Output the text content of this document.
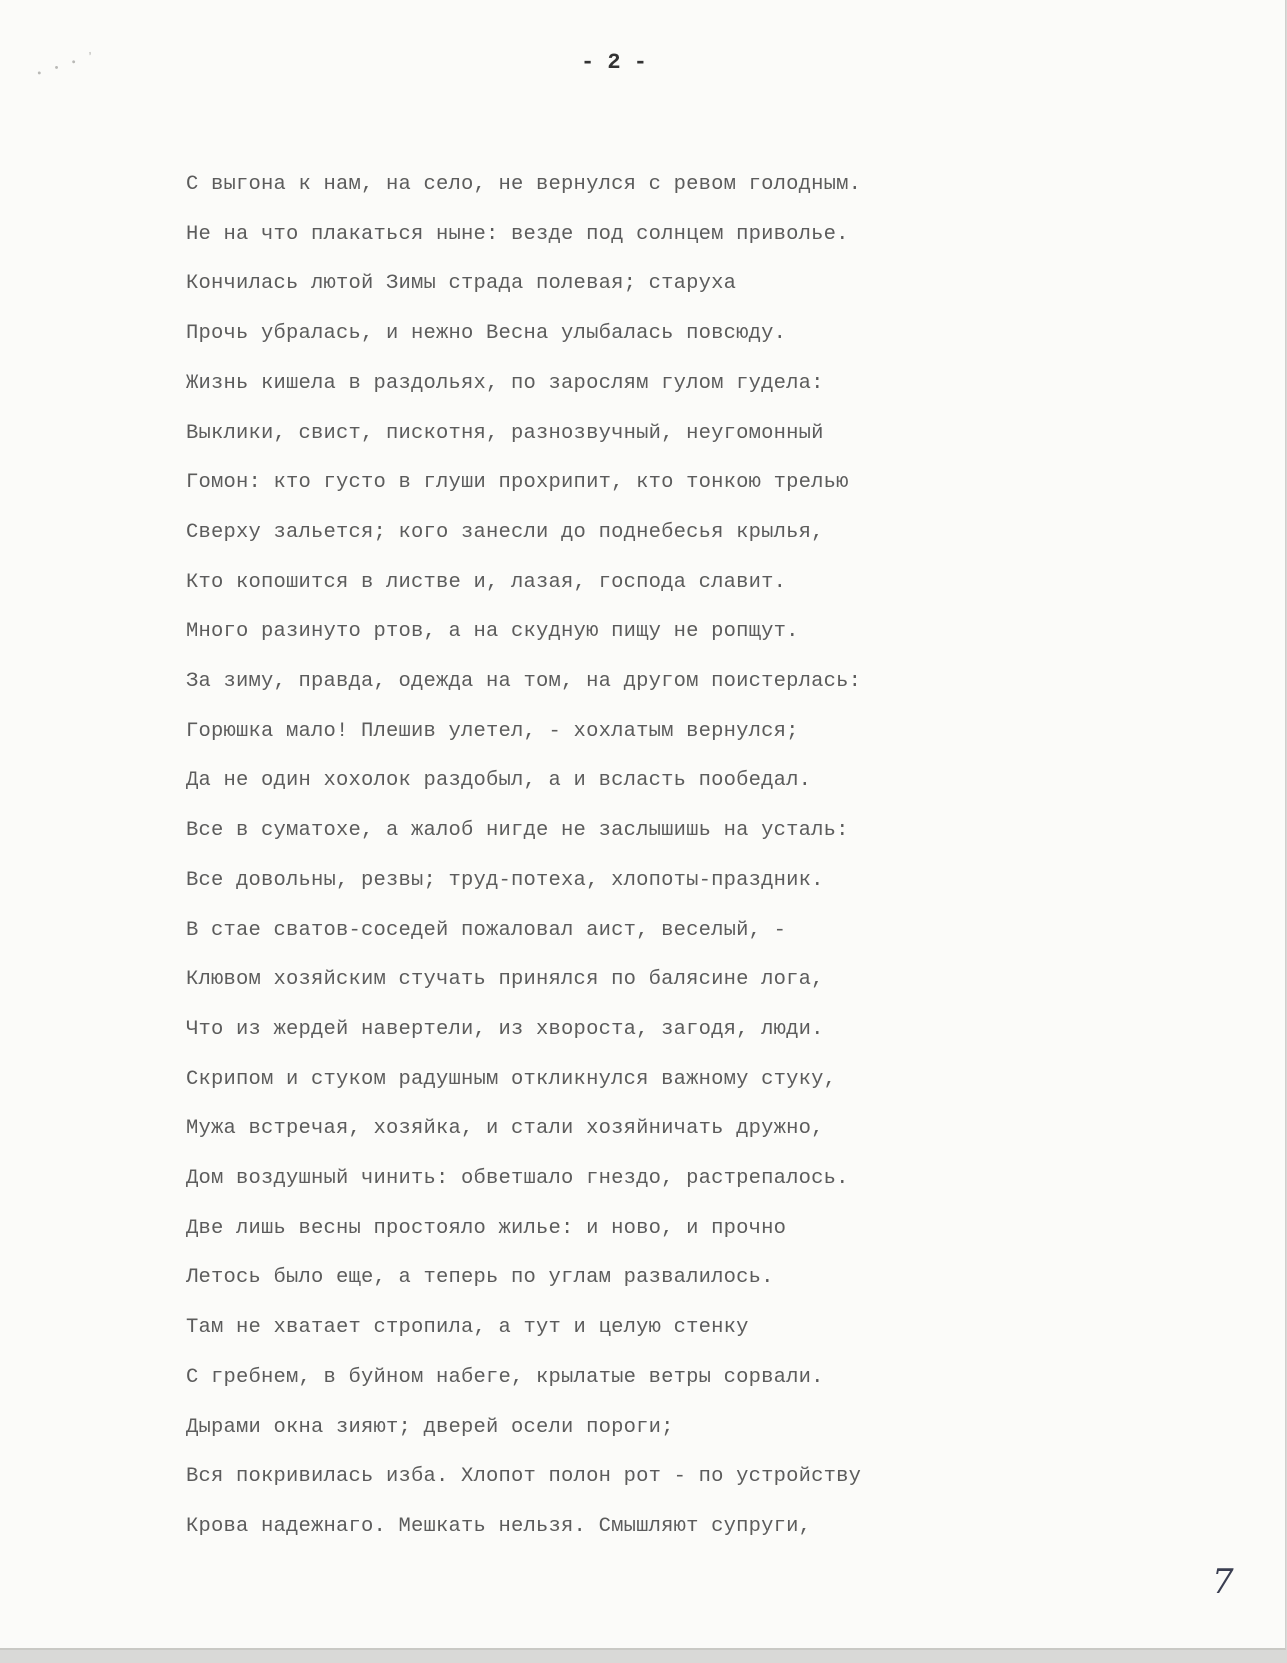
∙ ∙ ∙ ʼ	- 2 -
С выгона к нам, на село, не вернулся с ревом голодным.
Не на что плакаться ныне: везде под солнцем приволье.
Кончилась лютой Зимы страда полевая; старуха
Прочь убралась, и нежно Весна улыбалась повсюду.
Жизнь кишела в раздольях, по зарослям гулом гудела:
Выклики, свист, пискотня, разнозвучный, неугомонный
Гомон: кто густо в глуши прохрипит, кто тонкою трелью
Сверху зальется; кого занесли до поднебесья крылья,
Кто копошится в листве и, лазая, господа славит.
Много разинуто ртов, а на скудную пищу не ропщут.
За зиму, правда, одежда на том, на другом поистерлась:
Горюшка мало! Плешив улетел, - хохлатым вернулся;
Да не один хохолок раздобыл, а и всласть пообедал.
Все в суматохе, а жалоб нигде не заслышишь на усталь:
Все довольны, резвы; труд-потеха, хлопоты-праздник.
В стае сватов-соседей пожаловал аист, веселый, -
Клювом хозяйским стучать принялся по балясине лога,
Что из жердей навертели, из хвороста, загодя, люди.
Скрипом и стуком радушным откликнулся важному стуку,
Мужа встречая, хозяйка, и стали хозяйничать дружно,
Дом воздушный чинить: обветшало гнездо, растрепалось.
Две лишь весны простояло жилье: и ново, и прочно
Летось было еще, а теперь по углам развалилось.
Там не хватает стропила, а тут и целую стенку
С гребнем, в буйном набеге, крылатые ветры сорвали.
Дырами окна зияют; дверей осели пороги;
Вся покривилась изба. Хлопот полон рот - по устройству
Крова надежнаго. Мешкать нельзя. Смышляют супруги,
7
